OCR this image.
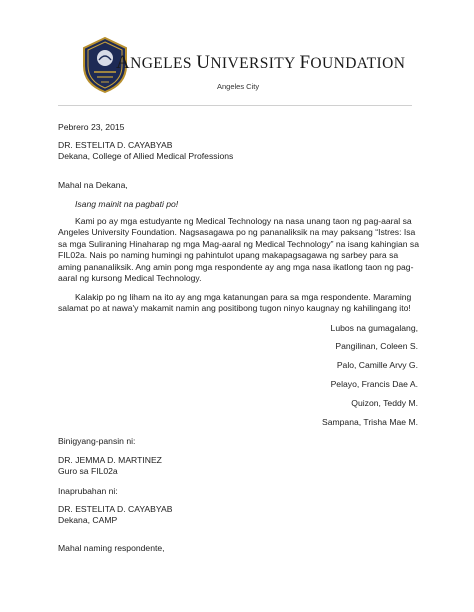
ANGELES UNIVERSITY FOUNDATION
Angeles City
Pebrero 23, 2015
DR. ESTELITA D. CAYABYAB
Dekana, College of Allied Medical Professions
Mahal na Dekana,
Isang mainit na pagbati po!
Kami po ay mga estudyante ng Medical Technology na nasa unang taon ng pag-aaral sa Angeles University Foundation. Nagsasagawa po ng pananaliksik na may paksang “Istres: Isa sa mga Suliraning Hinaharap ng mga Mag-aaral ng Medical Technology” na isang kahingian sa FIL02a. Nais po naming humingi ng pahintulot upang makapagsagawa ng sarbey para sa aming pananaliksik. Ang amin pong mga respondente ay ang mga nasa ikatlong taon ng pag-aaral ng kursong Medical Technology.
Kalakip po ng liham na ito ay ang mga katanungan para sa mga respondente. Maraming salamat po at nawa'y makamit namin ang positibong tugon ninyo kaugnay ng kahilingang ito!
Lubos na gumagalang,
Pangilinan, Coleen S.
Palo, Camille Arvy G.
Pelayo, Francis Dae A.
Quizon, Teddy M.
Sampana, Trisha Mae M.
Binigyang-pansin ni:
DR. JEMMA D. MARTINEZ
Guro sa FIL02a
Inaprubahan ni:
DR. ESTELITA D. CAYABYAB
Dekana, CAMP
Mahal naming respondente,
